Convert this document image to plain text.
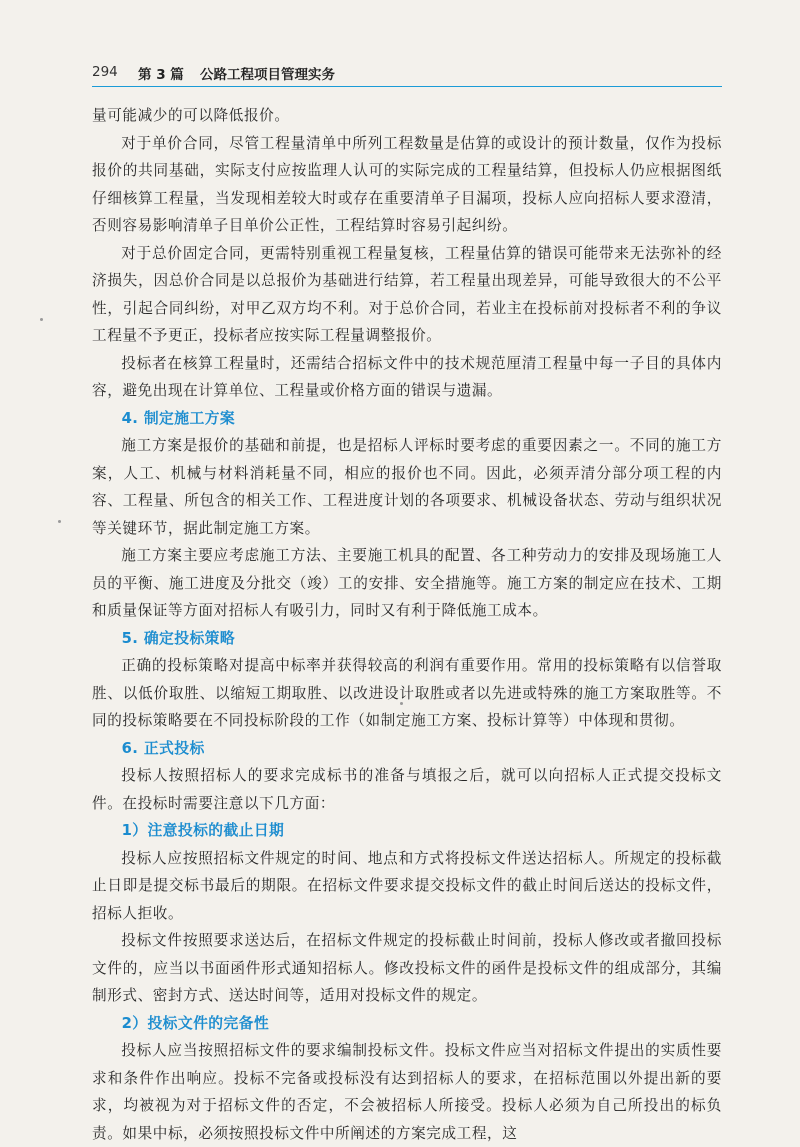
294 第 3 篇 公路工程项目管理实务

量可能减少的可以降低报价。

对于单价合同，尽管工程量清单中所列工程数量是估算的或设计的预计数量，仅作为投标报价的共同基础，实际支付应按监理人认可的实际完成的工程量结算，但投标人仍应根据图纸仔细核算工程量，当发现相差较大时或存在重要清单子目漏项，投标人应向招标人要求澄清，否则容易影响清单子目单价公正性，工程结算时容易引起纠纷。

对于总价固定合同，更需特别重视工程量复核，工程量估算的错误可能带来无法弥补的经济损失，因总价合同是以总报价为基础进行结算，若工程量出现差异，可能导致很大的不公平性，引起合同纠纷，对甲乙双方均不利。对于总价合同，若业主在投标前对投标者不利的争议工程量不予更正，投标者应按实际工程量调整报价。

投标者在核算工程量时，还需结合招标文件中的技术规范厘清工程量中每一子目的具体内容，避免出现在计算单位、工程量或价格方面的错误与遗漏。

4. 制定施工方案

施工方案是报价的基础和前提，也是招标人评标时要考虑的重要因素之一。不同的施工方案，人工、机械与材料消耗量不同，相应的报价也不同。因此，必须弄清分部分项工程的内容、工程量、所包含的相关工作、工程进度计划的各项要求、机械设备状态、劳动与组织状况等关键环节，据此制定施工方案。

施工方案主要应考虑施工方法、主要施工机具的配置、各工种劳动力的安排及现场施工人员的平衡、施工进度及分批交（竣）工的安排、安全措施等。施工方案的制定应在技术、工期和质量保证等方面对招标人有吸引力，同时又有利于降低施工成本。

5. 确定投标策略

正确的投标策略对提高中标率并获得较高的利润有重要作用。常用的投标策略有以信誉取胜、以低价取胜、以缩短工期取胜、以改进设计取胜或者以先进或特殊的施工方案取胜等。不同的投标策略要在不同投标阶段的工作（如制定施工方案、投标计算等）中体现和贯彻。

6. 正式投标

投标人按照招标人的要求完成标书的准备与填报之后，就可以向招标人正式提交投标文件。在投标时需要注意以下几方面：

1）注意投标的截止日期

投标人应按照招标文件规定的时间、地点和方式将投标文件送达招标人。所规定的投标截止日即是提交标书最后的期限。在招标文件要求提交投标文件的截止时间后送达的投标文件，招标人拒收。

投标文件按照要求送达后，在招标文件规定的投标截止时间前，投标人修改或者撤回投标文件的，应当以书面函件形式通知招标人。修改投标文件的函件是投标文件的组成部分，其编制形式、密封方式、送达时间等，适用对投标文件的规定。

2）投标文件的完备性

投标人应当按照招标文件的要求编制投标文件。投标文件应当对招标文件提出的实质性要求和条件作出响应。投标不完备或投标没有达到招标人的要求，在招标范围以外提出新的要求，均被视为对于招标文件的否定，不会被招标人所接受。投标人必须为自己所投出的标负责。如果中标，必须按照投标文件中所阐述的方案完成工程，这
